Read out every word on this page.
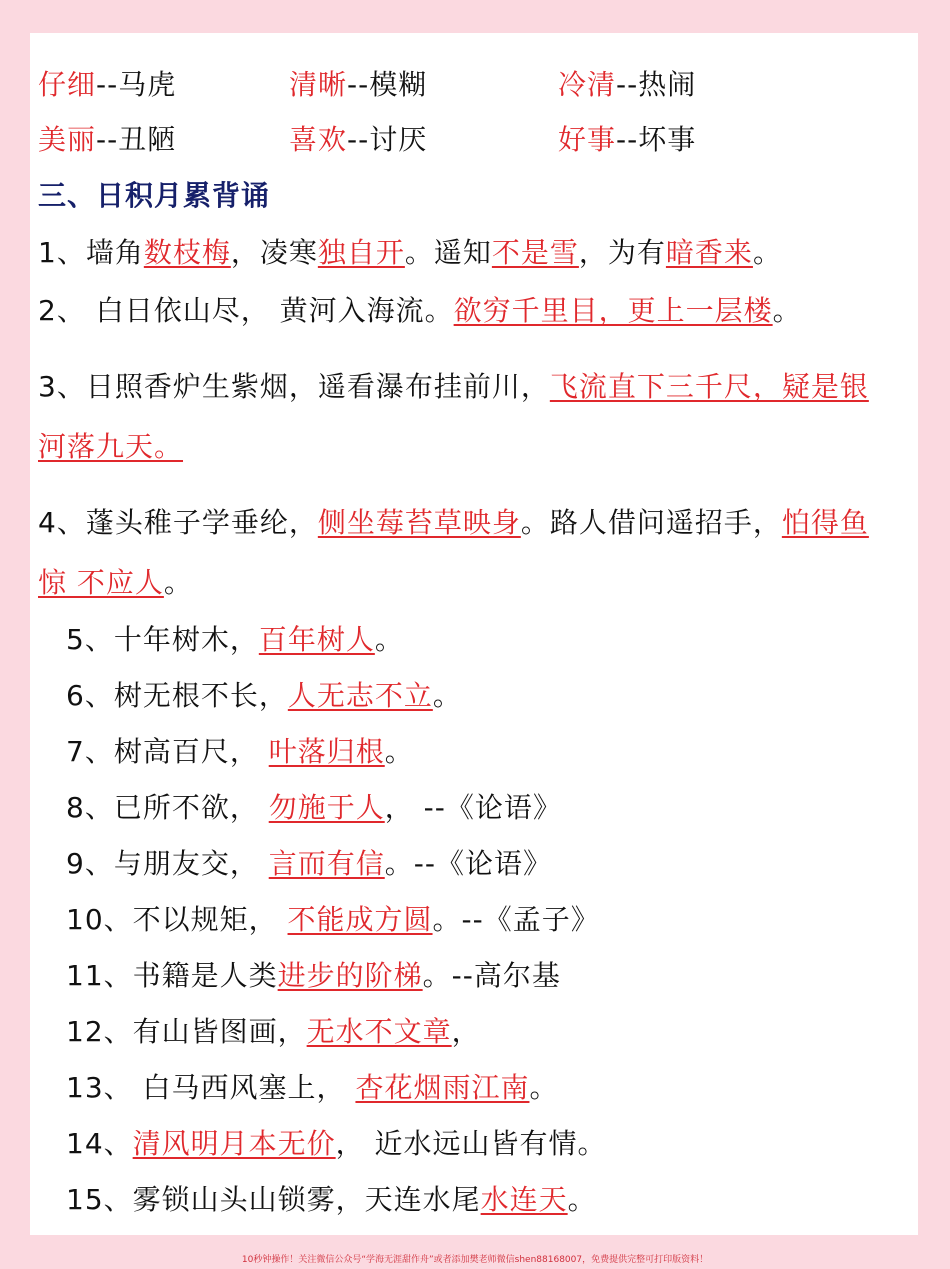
仔细--马虎	清晰--模糊	冷清--热闹
美丽--丑陋	喜欢--讨厌	好事--坏事
三、日积月累背诵
1、墙角数枝梅，凌寒独自开。遥知不是雪，为有暗香来。
2、 白日依山尽， 黄河入海流。欲穷千里目，更上一层楼。
3、日照香炉生紫烟，遥看瀑布挂前川，飞流直下三千尺，疑是银
河落九天。
4、蓬头稚子学垂纶，侧坐莓苔草映身。路人借问遥招手，怕得鱼
惊 不应人。
5、十年树木，百年树人。
6、树无根不长，人无志不立。
7、树高百尺， 叶落归根。
8、已所不欲， 勿施于人， --《论语》
9、与朋友交， 言而有信。--《论语》
10、不以规矩， 不能成方圆。--《孟子》
11、书籍是人类进步的阶梯。--高尔基
12、有山皆图画，无水不文章，
13、 白马西风塞上， 杏花烟雨江南。
14、清风明月本无价， 近水远山皆有情。
15、雾锁山头山锁雾，天连水尾水连天。
10秒钟操作！关注微信公众号“学海无涯甜作舟”或者添加樊老师微信shen88168007，免费提供完整可打印版资料！
